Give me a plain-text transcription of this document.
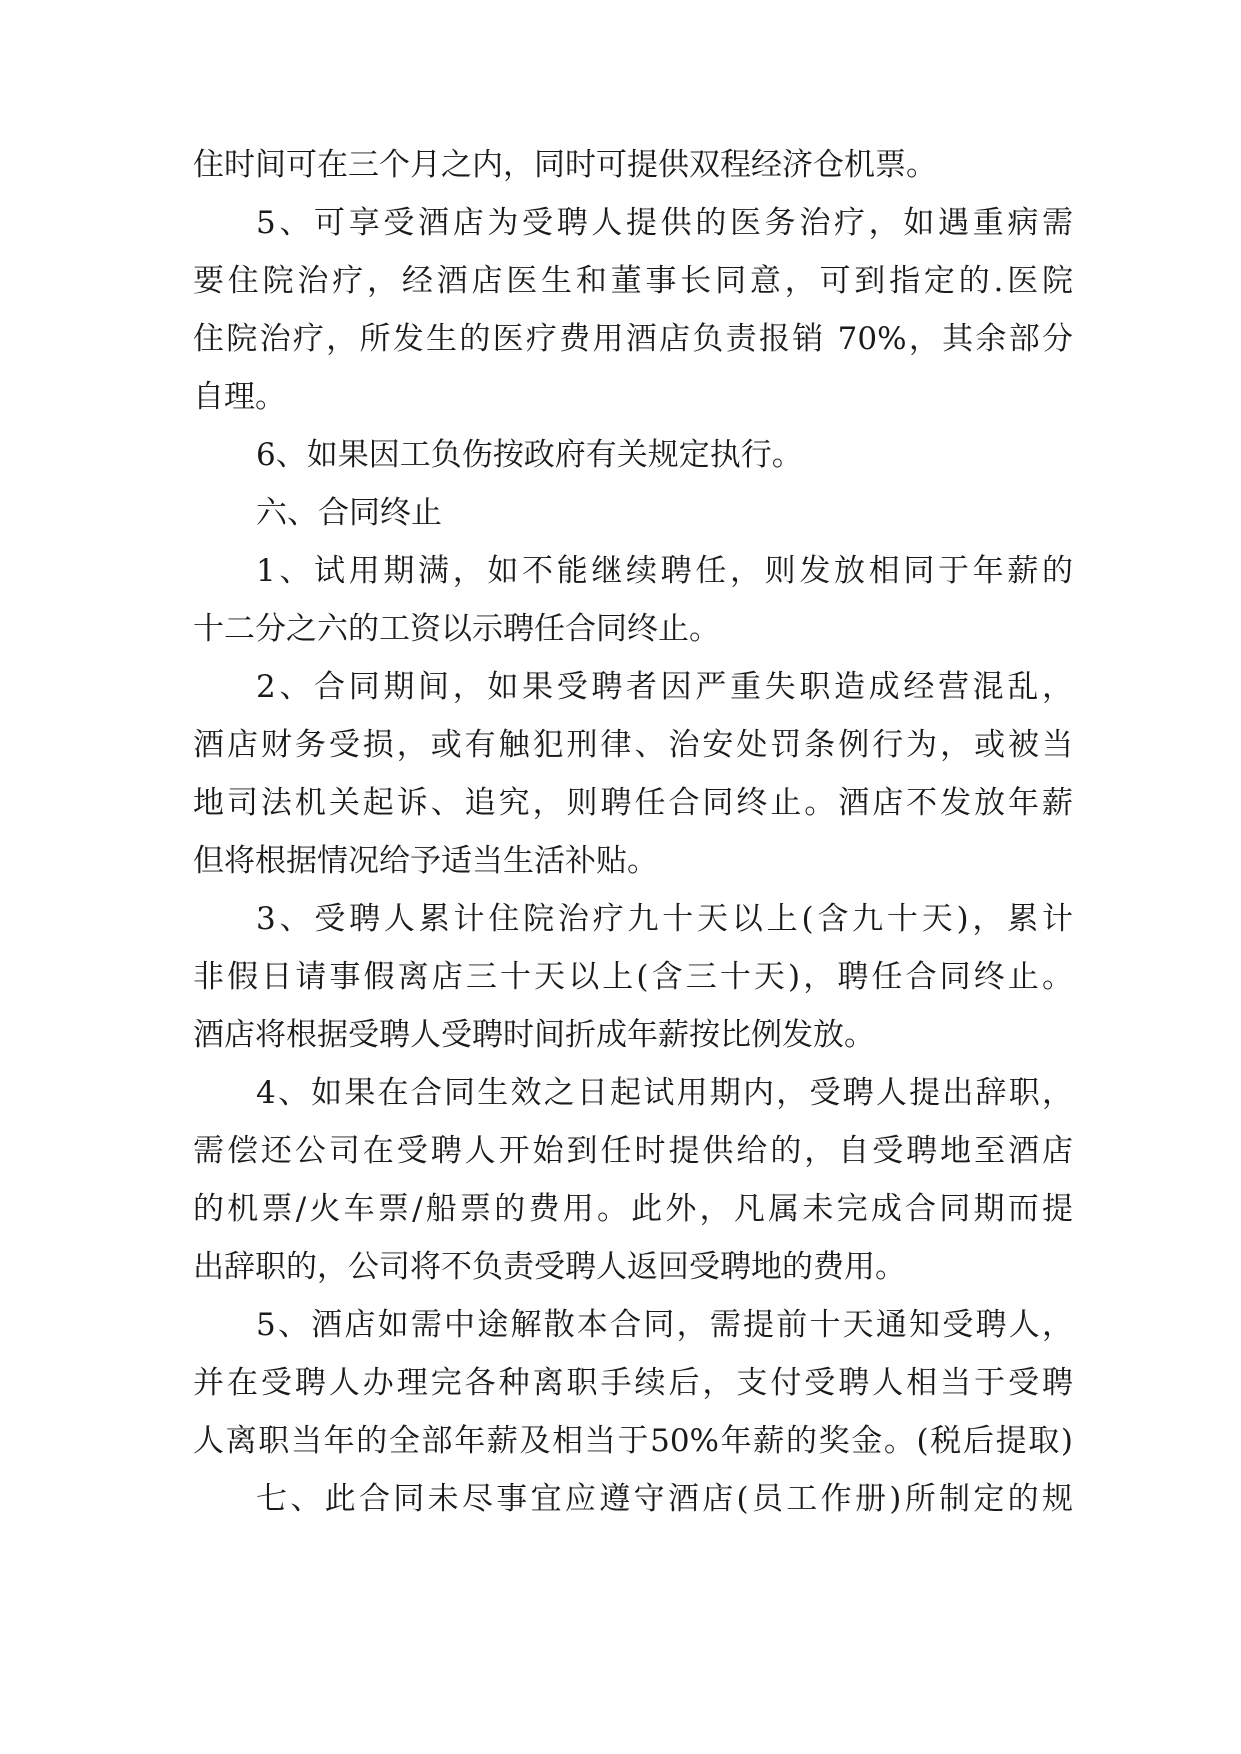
住时间可在三个月之内，同时可提供双程经济仓机票。
5、可享受酒店为受聘人提供的医务治疗，如遇重病需
要住院治疗，经酒店医生和董事长同意，可到指定的.医院
住院治疗，所发生的医疗费用酒店负责报销 70%，其余部分
自理。
6、如果因工负伤按政府有关规定执行。
六、合同终止
1、试用期满，如不能继续聘任，则发放相同于年薪的
十二分之六的工资以示聘任合同终止。
2、合同期间，如果受聘者因严重失职造成经营混乱，
酒店财务受损，或有触犯刑律、治安处罚条例行为，或被当
地司法机关起诉、追究，则聘任合同终止。酒店不发放年薪
但将根据情况给予适当生活补贴。
3、受聘人累计住院治疗九十天以上(含九十天)，累计
非假日请事假离店三十天以上(含三十天)，聘任合同终止。
酒店将根据受聘人受聘时间折成年薪按比例发放。
4、如果在合同生效之日起试用期内，受聘人提出辞职，
需偿还公司在受聘人开始到任时提供给的，自受聘地至酒店
的机票/火车票/船票的费用。此外，凡属未完成合同期而提
出辞职的，公司将不负责受聘人返回受聘地的费用。
5、酒店如需中途解散本合同，需提前十天通知受聘人，
并在受聘人办理完各种离职手续后，支付受聘人相当于受聘
人离职当年的全部年薪及相当于50%年薪的奖金。(税后提取)
七、此合同未尽事宜应遵守酒店(员工作册)所制定的规
